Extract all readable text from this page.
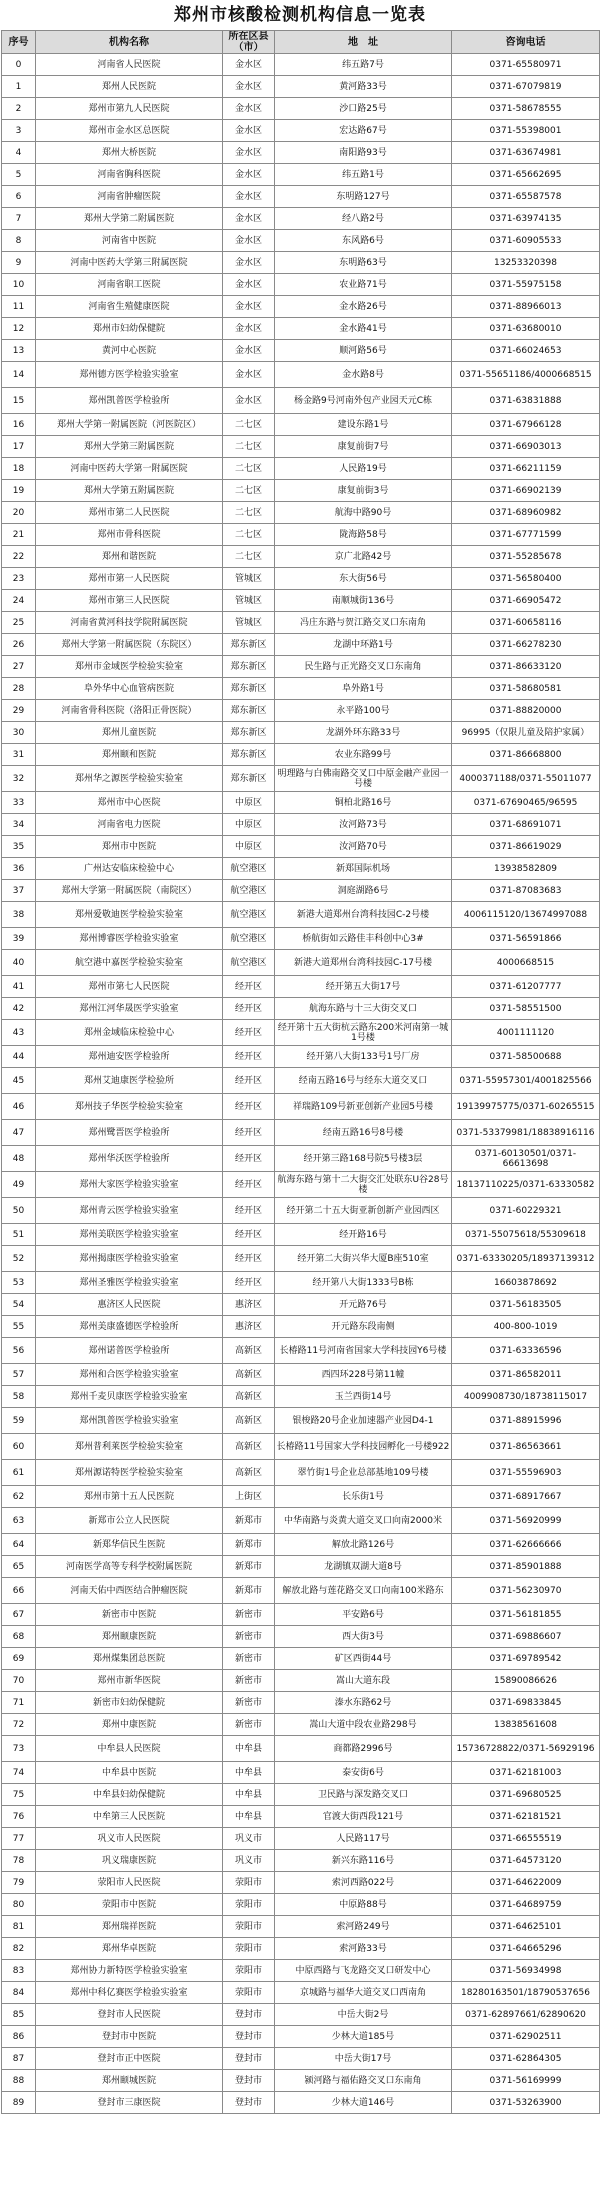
郑州市核酸检测机构信息一览表
序号	机构名称	所在区县（市）	地　址	咨询电话
0	河南省人民医院	金水区	纬五路7号	0371-65580971
1	郑州人民医院	金水区	黄河路33号	0371-67079819
2	郑州市第九人民医院	金水区	沙口路25号	0371-58678555
3	郑州市金水区总医院	金水区	宏达路67号	0371-55398001
4	郑州大桥医院	金水区	南阳路93号	0371-63674981
5	河南省胸科医院	金水区	纬五路1号	0371-65662695
6	河南省肿瘤医院	金水区	东明路127号	0371-65587578
7	郑州大学第二附属医院	金水区	经八路2号	0371-63974135
8	河南省中医院	金水区	东风路6号	0371-60905533
9	河南中医药大学第三附属医院	金水区	东明路63号	13253320398
10	河南省职工医院	金水区	农业路71号	0371-55975158
11	河南省生殖健康医院	金水区	金水路26号	0371-88966013
12	郑州市妇幼保健院	金水区	金水路41号	0371-63680010
13	黄河中心医院	金水区	顺河路56号	0371-66024653
14	郑州德方医学检验实验室	金水区	金水路8号	0371-55651186/4000668515
15	郑州凯普医学检验所	金水区	杨金路9号河南外包产业园天元C栋	0371-63831888
16	郑州大学第一附属医院（河医院区）	二七区	建设东路1号	0371-67966128
17	郑州大学第三附属医院	二七区	康复前街7号	0371-66903013
18	河南中医药大学第一附属医院	二七区	人民路19号	0371-66211159
19	郑州大学第五附属医院	二七区	康复前街3号	0371-66902139
20	郑州市第二人民医院	二七区	航海中路90号	0371-68960982
21	郑州市骨科医院	二七区	陇海路58号	0371-67771599
22	郑州和谐医院	二七区	京广北路42号	0371-55285678
23	郑州市第一人民医院	管城区	东大街56号	0371-56580400
24	郑州市第三人民医院	管城区	南顺城街136号	0371-66905472
25	河南省黄河科技学院附属医院	管城区	冯庄东路与贺江路交叉口东南角	0371-60658116
26	郑州大学第一附属医院（东院区）	郑东新区	龙湖中环路1号	0371-66278230
27	郑州市金域医学检验实验室	郑东新区	民生路与正光路交叉口东南角	0371-86633120
28	阜外华中心血管病医院	郑东新区	阜外路1号	0371-58680581
29	河南省骨科医院（洛阳正骨医院）	郑东新区	永平路100号	0371-88820000
30	郑州儿童医院	郑东新区	龙湖外环东路33号	96995（仅限儿童及陪护家属）
31	郑州颐和医院	郑东新区	农业东路99号	0371-86668800
32	郑州华之源医学检验实验室	郑东新区	明理路与白佛南路交叉口中原金融产业园一号楼	4000371188/0371-55011077
33	郑州市中心医院	中原区	铜柏北路16号	0371-67690465/96595
34	河南省电力医院	中原区	汝河路73号	0371-68691071
35	郑州市中医院	中原区	汝河路70号	0371-86619029
36	广州达安临床检验中心	航空港区	新郑国际机场	13938582809
37	郑州大学第一附属医院（南院区）	航空港区	洞庭湖路6号	0371-87083683
38	郑州爱敬迪医学检验实验室	航空港区	新港大道郑州台湾科技园C-2号楼	4006115120/13674997088
39	郑州博睿医学检验实验室	航空港区	桥航街如云路佳丰科创中心3#	0371-56591866
40	航空港中嘉医学检验实验室	航空港区	新港大道郑州台湾科技园C-17号楼	4000668515
41	郑州市第七人民医院	经开区	经开第五大街17号	0371-61207777
42	郑州江河华晟医学实验室	经开区	航海东路与十三大街交叉口	0371-58551500
43	郑州金域临床检验中心	经开区	经开第十五大街杭云路东200米河南第一城1号楼	4001111120
44	郑州迪安医学检验所	经开区	经开第八大街133号1号厂房	0371-58500688
45	郑州艾迪康医学检验所	经开区	经南五路16号与经东大道交叉口	0371-55957301/4001825566
46	郑州技子华医学检验实验室	经开区	祥瑞路109号新亚创新产业园5号楼	19139975775/0371-60265515
47	郑州鹭晋医学检验所	经开区	经南五路16号8号楼	0371-53379981/18838916116
48	郑州华沃医学检验所	经开区	经开第三路168号院5号楼3层	0371-60130501/0371-66613698
49	郑州大家医学检验实验室	经开区	航海东路与第十二大街交汇处联东U谷28号楼	18137110225/0371-63330582
50	郑州青云医学检验实验室	经开区	经开第二十五大街亚新创新产业园西区	0371-60229321
51	郑州美联医学检验实验室	经开区	经开路16号	0371-55075618/55309618
52	郑州揭康医学检验实验室	经开区	经开第二大街兴华大厦B座510室	0371-63330205/18937139312
53	郑州圣雅医学检验实验室	经开区	经开第八大街1333号B栋	16603878692
54	惠济区人民医院	惠济区	开元路76号	0371-56183505
55	郑州美康盛德医学检验所	惠济区	开元路东段南侧	400-800-1019
56	郑州诺普医学检验所	高新区	长椿路11号河南省国家大学科技园Y6号楼	0371-63336596
57	郑州和合医学检验实验室	高新区	西四环228号第11幢	0371-86582011
58	郑州千麦贝康医学检验实验室	高新区	玉兰西街14号	4009908730/18738115017
59	郑州凯普医学检验实验室	高新区	银梭路20号企业加速器产业园D4-1	0371-88915996
60	郑州普利莱医学检验实验室	高新区	长椿路11号国家大学科技园孵化一号楼922	0371-86563661
61	郑州源诺特医学检验实验室	高新区	翠竹街1号企业总部基地109号楼	0371-55596903
62	郑州市第十五人民医院	上街区	长乐街1号	0371-68917667
63	新郑市公立人民医院	新郑市	中华南路与炎黄大道交叉口向南2000米	0371-56920999
64	新郑华信民生医院	新郑市	解放北路126号	0371-62666666
65	河南医学高等专科学校附属医院	新郑市	龙湖镇双湖大道8号	0371-85901888
66	河南天佑中西医结合肿瘤医院	新郑市	解放北路与莲花路交叉口向南100米路东	0371-56230970
67	新密市中医院	新密市	平安路6号	0371-56181855
68	郑州颐康医院	新密市	西大街3号	0371-69886607
69	郑州煤集团总医院	新密市	矿区西街44号	0371-69789542
70	郑州市新华医院	新密市	嵩山大道东段	15890086626
71	新密市妇幼保健院	新密市	溱水东路62号	0371-69833845
72	郑州中康医院	新密市	嵩山大道中段农业路298号	13838561608
73	中牟县人民医院	中牟县	商都路2996号	15736728822/0371-56929196
74	中牟县中医院	中牟县	泰安街6号	0371-62181003
75	中牟县妇幼保健院	中牟县	卫民路与深发路交叉口	0371-69680525
76	中牟第三人民医院	中牟县	官渡大街西段121号	0371-62181521
77	巩义市人民医院	巩义市	人民路117号	0371-66555519
78	巩义瑞康医院	巩义市	新兴东路116号	0371-64573120
79	荥阳市人民医院	荥阳市	索河西路022号	0371-64622009
80	荥阳市中医院	荥阳市	中原路88号	0371-64689759
81	郑州瑞祥医院	荥阳市	索河路249号	0371-64625101
82	郑州华卓医院	荥阳市	索河路33号	0371-64665296
83	郑州协力新特医学检验实验室	荥阳市	中原西路与飞龙路交叉口研发中心	0371-56934998
84	郑州中科亿赛医学检验实验室	荥阳市	京城路与福华大道交叉口西南角	18280163501/18790537656
85	登封市人民医院	登封市	中岳大街2号	0371-62897661/62890620
86	登封市中医院	登封市	少林大道185号	0371-62902511
87	登封市正中医院	登封市	中岳大街17号	0371-62864305
88	郑州颐城医院	登封市	颍河路与福佑路交叉口东南角	0371-56169999
89	登封市三康医院	登封市	少林大道146号	0371-53263900
